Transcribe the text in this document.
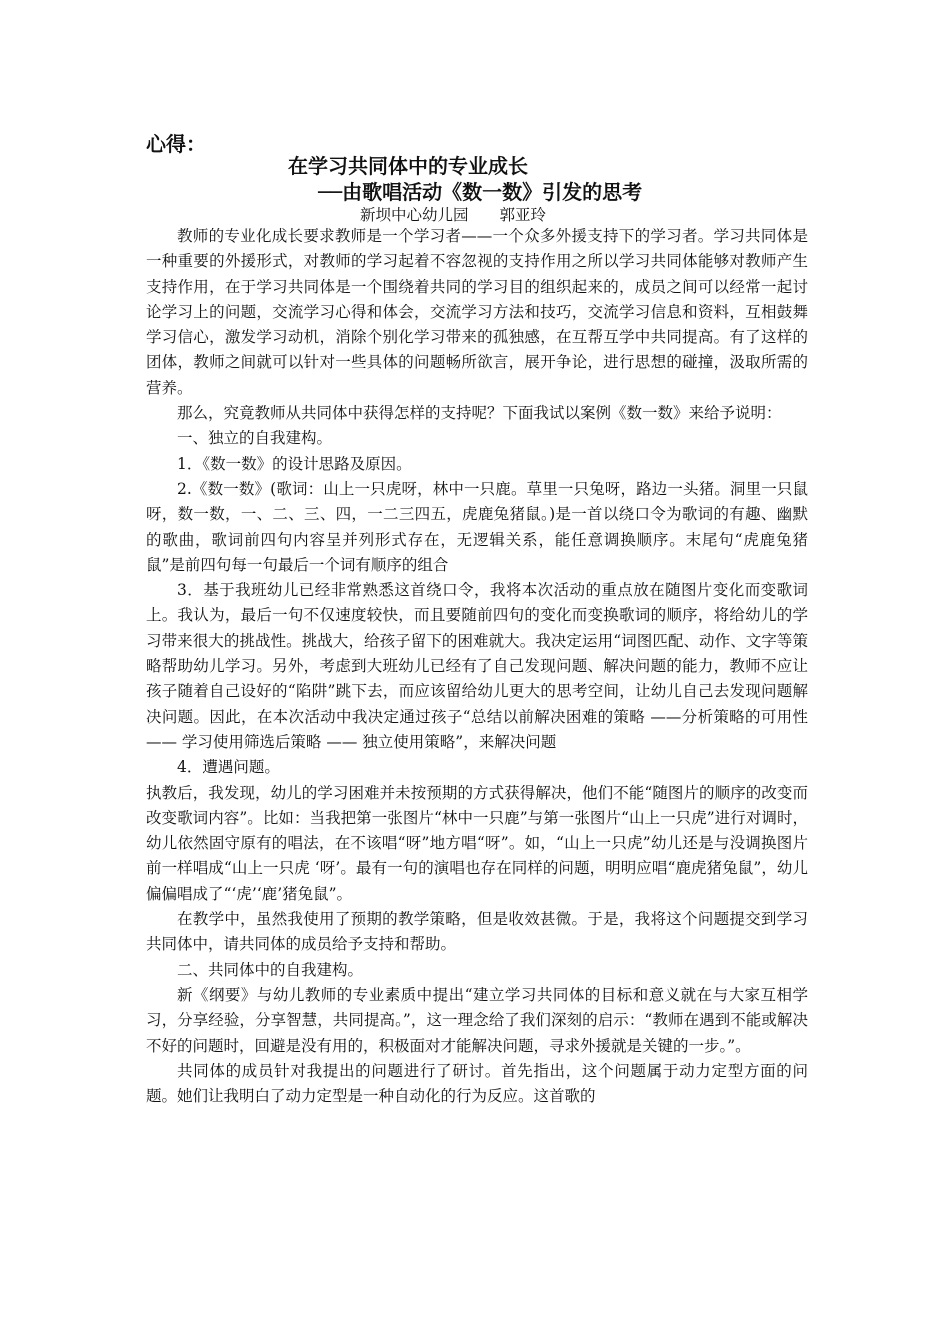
心得：
在学习共同体中的专业成长
──由歌唱活动《数一数》引发的思考
新坝中心幼儿园　　郭亚玲

教师的专业化成长要求教师是一个学习者——一个众多外援支持下的学习者。学习共同体是一种重要的外援形式，对教师的学习起着不容忽视的支持作用之所以学习共同体能够对教师产生支持作用，在于学习共同体是一个围绕着共同的学习目的组织起来的，成员之间可以经常一起讨论学习上的问题，交流学习心得和体会，交流学习方法和技巧，交流学习信息和资料，互相鼓舞学习信心，激发学习动机，消除个别化学习带来的孤独感，在互帮互学中共同提高。有了这样的团体，教师之间就可以针对一些具体的问题畅所欲言，展开争论，进行思想的碰撞，汲取所需的营养。

那么，究竟教师从共同体中获得怎样的支持呢？下面我试以案例《数一数》来给予说明：

一、独立的自我建构。

1．《数一数》的设计思路及原因。

2.《数一数》(歌词：山上一只虎呀，林中一只鹿。草里一只兔呀，路边一头猪。洞里一只鼠呀，数一数，一、二、三、四，一二三四五，虎鹿兔猪鼠。)是一首以绕口令为歌词的有趣、幽默的歌曲，歌词前四句内容呈并列形式存在，无逻辑关系，能任意调换顺序。末尾句“虎鹿兔猪鼠”是前四句每一句最后一个词有顺序的组合

3．基于我班幼儿已经非常熟悉这首绕口令，我将本次活动的重点放在随图片变化而变歌词上。我认为，最后一句不仅速度较快，而且要随前四句的变化而变换歌词的顺序，将给幼儿的学习带来很大的挑战性。挑战大，给孩子留下的困难就大。我决定运用“词图匹配、动作、文字等策略帮助幼儿学习。另外，考虑到大班幼儿已经有了自己发现问题、解决问题的能力，教师不应让孩子随着自己设好的“陷阱”跳下去，而应该留给幼儿更大的思考空间，让幼儿自己去发现问题解决问题。因此，在本次活动中我决定通过孩子“总结以前解决困难的策略 ——分析策略的可用性 —— 学习使用筛选后策略 —— 独立使用策略”，来解决问题

4．遭遇问题。

执教后，我发现，幼儿的学习困难并未按预期的方式获得解决，他们不能“随图片的顺序的改变而改变歌词内容”。比如：当我把第一张图片“林中一只鹿”与第一张图片“山上一只虎”进行对调时，幼儿依然固守原有的唱法，在不该唱“呀”地方唱“呀”。如，“山上一只虎”幼儿还是与没调换图片前一样唱成“山上一只虎 ‘呀’。最有一句的演唱也存在同样的问题，明明应唱“鹿虎猪兔鼠”，幼儿偏偏唱成了“‘虎’‘鹿’猪兔鼠”。

在教学中，虽然我使用了预期的教学策略，但是收效甚微。于是，我将这个问题提交到学习共同体中，请共同体的成员给予支持和帮助。

二、共同体中的自我建构。

新《纲要》与幼儿教师的专业素质中提出“建立学习共同体的目标和意义就在与大家互相学习，分享经验，分享智慧，共同提高。”，这一理念给了我们深刻的启示：“教师在遇到不能或解决不好的问题时，回避是没有用的，积极面对才能解决问题，寻求外援就是关键的一步。”。

共同体的成员针对我提出的问题进行了研讨。首先指出，这个问题属于动力定型方面的问题。她们让我明白了动力定型是一种自动化的行为反应。这首歌的
